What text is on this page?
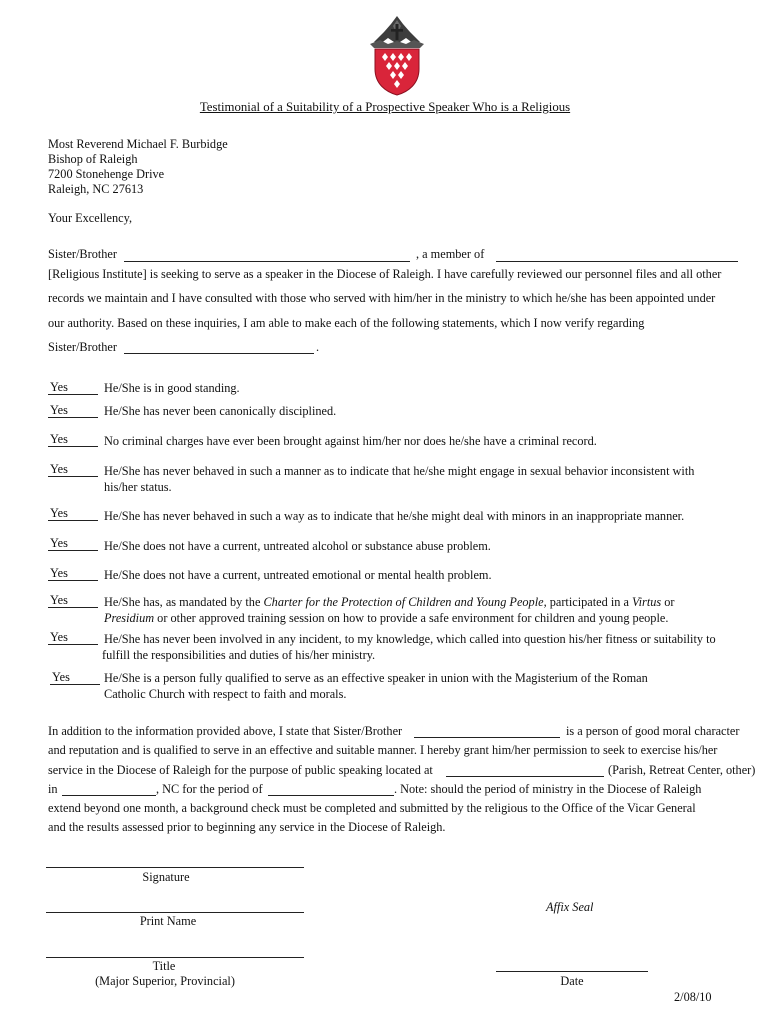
Testimonial of a Suitability of a Prospective Speaker Who is a Religious
Most Reverend Michael F. Burbidge
Bishop of Raleigh
7200 Stonehenge Drive
Raleigh, NC 27613
Your Excellency,
Sister/Brother	, a member of
[Religious Institute] is seeking to serve as a speaker in the Diocese of Raleigh. I have carefully reviewed our personnel files and all other
records we maintain and I have consulted with those who served with him/her in the ministry to which he/she has been appointed under
our authority. Based on these inquiries, I am able to make each of the following statements, which I now verify regarding
Sister/Brother	.
Yes	He/She is in good standing.
Yes	He/She has never been canonically disciplined.
Yes	No criminal charges have ever been brought against him/her nor does he/she have a criminal record.
Yes	He/She has never behaved in such a manner as to indicate that he/she might engage in sexual behavior inconsistent with
his/her status.
Yes	He/She has never behaved in such a way as to indicate that he/she might deal with minors in an inappropriate manner.
Yes	He/She does not have a current, untreated alcohol or substance abuse problem.
Yes	He/She does not have a current, untreated emotional or mental health problem.
Yes	He/She has, as mandated by the Charter for the Protection of Children and Young People, participated in a Virtus or
Presidium or other approved training session on how to provide a safe environment for children and young people.
Yes	He/She has never been involved in any incident, to my knowledge, which called into question his/her fitness or suitability to
fulfill the responsibilities and duties of his/her ministry.
Yes	He/She is a person fully qualified to serve as an effective speaker in union with the Magisterium of the Roman
Catholic Church with respect to faith and morals.
In addition to the information provided above, I state that Sister/Brother	is a person of good moral character
and reputation and is qualified to serve in an effective and suitable manner. I hereby grant him/her permission to seek to exercise his/her
service in the Diocese of Raleigh for the purpose of public speaking located at	(Parish, Retreat Center, other)
in	, NC for the period of	. Note: should the period of ministry in the Diocese of Raleigh
extend beyond one month, a background check must be completed and submitted by the religious to the Office of the Vicar General
and the results assessed prior to beginning any service in the Diocese of Raleigh.
Signature
Affix Seal
Print Name
Title
(Major Superior, Provincial)	Date
2/08/10
